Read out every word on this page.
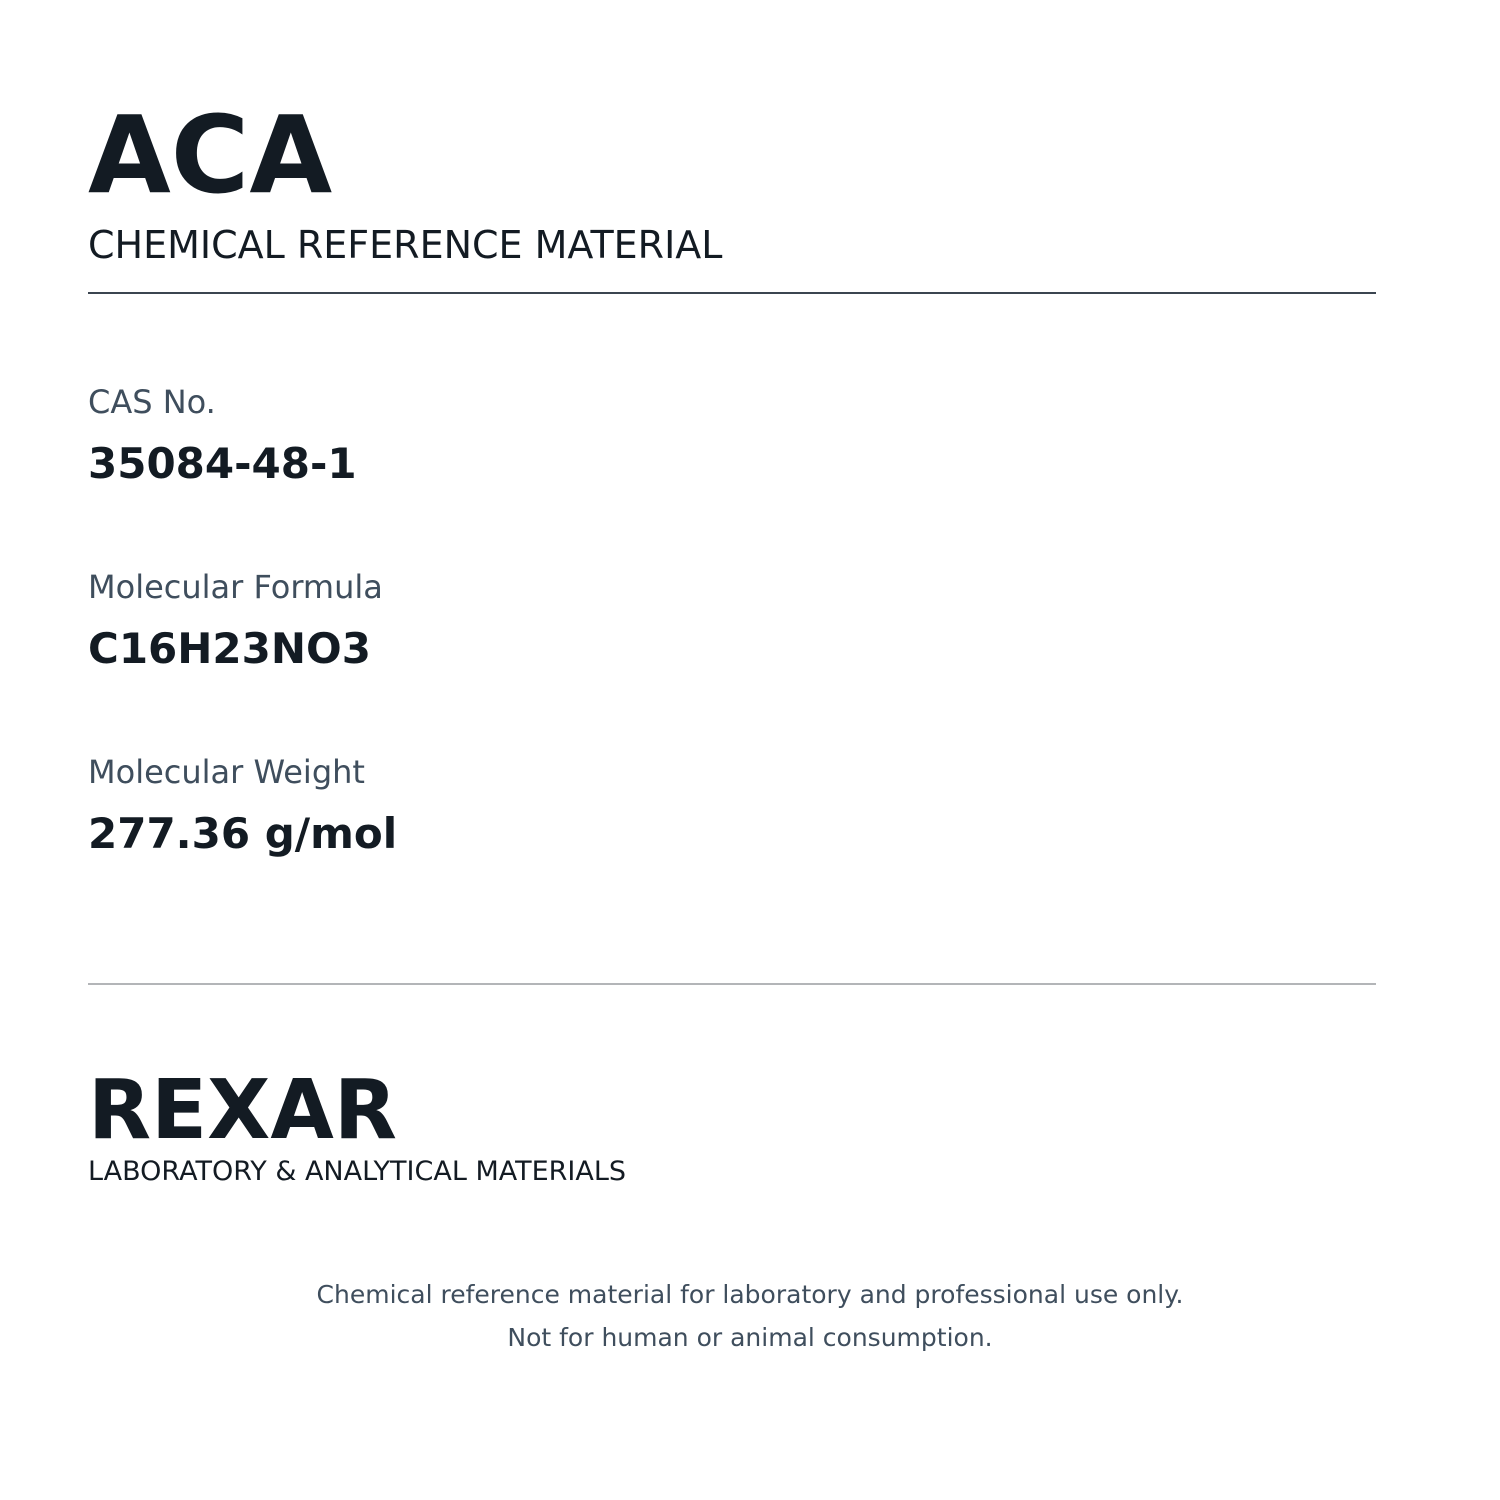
ACA
CHEMICAL REFERENCE MATERIAL
CAS No.
35084-48-1
Molecular Formula
C16H23NO3
Molecular Weight
277.36 g/mol
REXAR
LABORATORY & ANALYTICAL MATERIALS
Chemical reference material for laboratory and professional use only.
Not for human or animal consumption.
